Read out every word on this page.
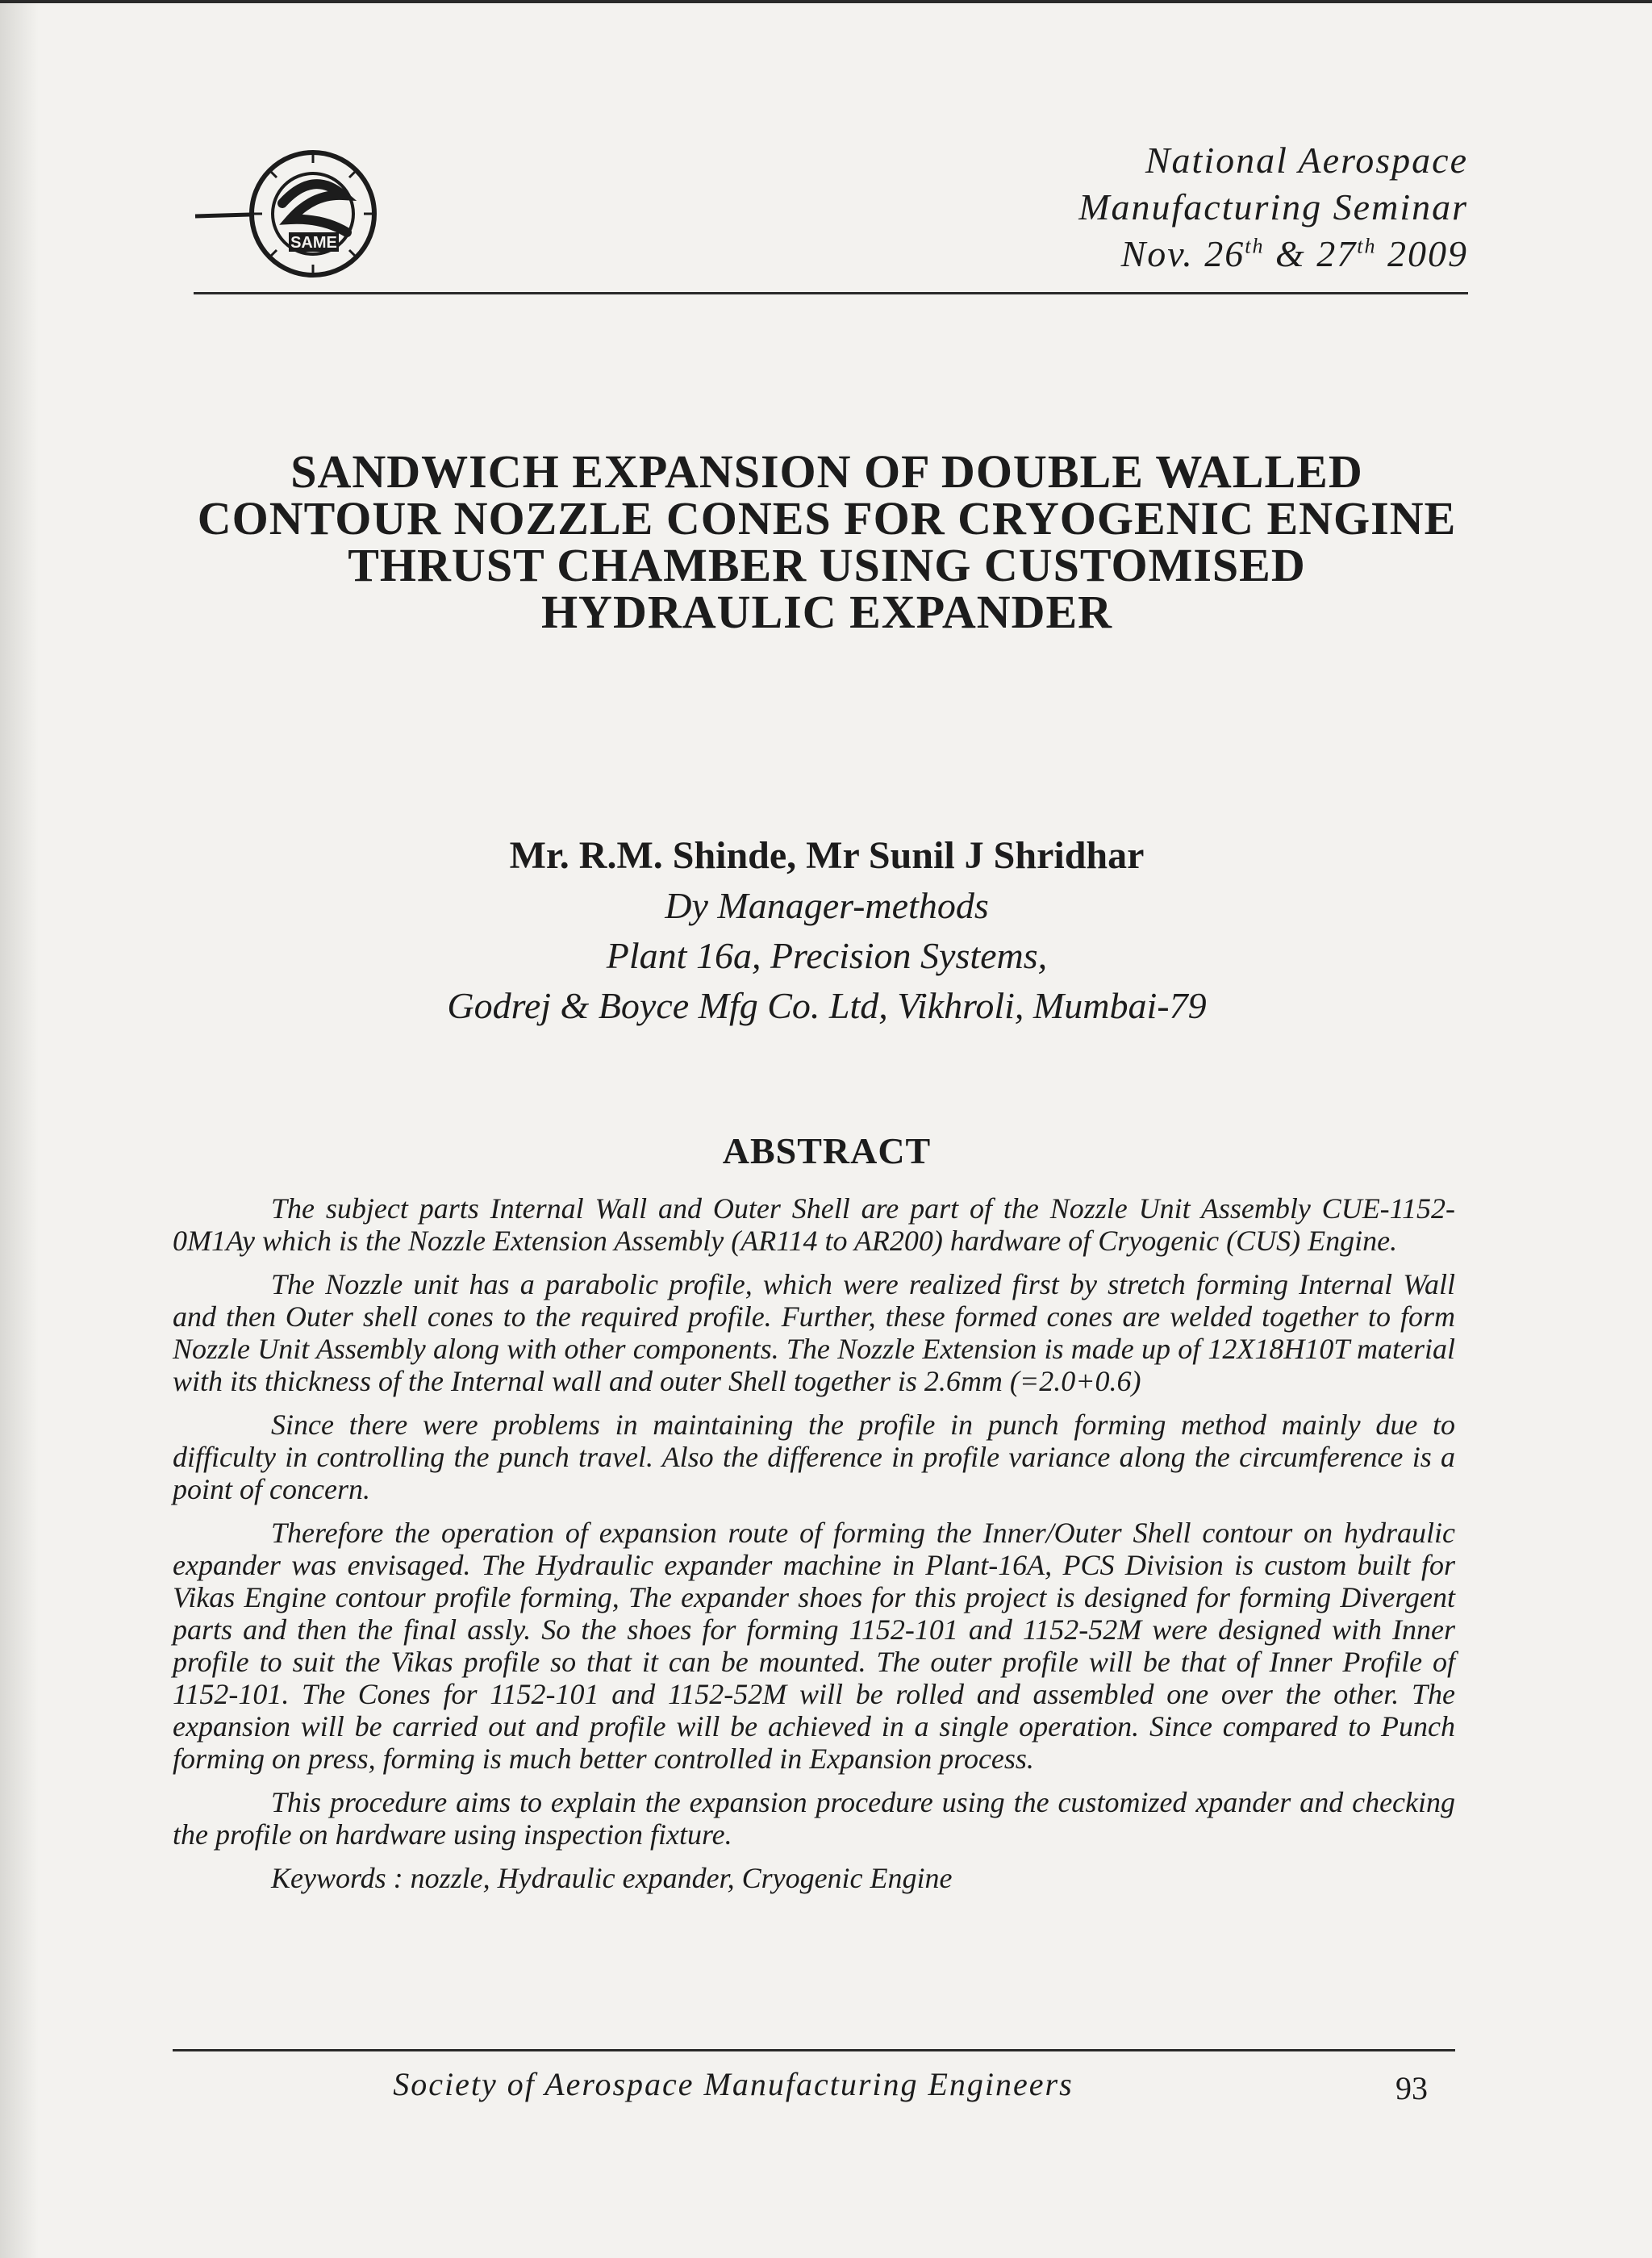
SAME
National Aerospace
Manufacturing Seminar
Nov. 26th & 27th 2009
SANDWICH EXPANSION OF DOUBLE WALLED
CONTOUR NOZZLE CONES FOR CRYOGENIC ENGINE
THRUST CHAMBER USING CUSTOMISED
HYDRAULIC EXPANDER
Mr. R.M. Shinde, Mr Sunil J Shridhar
Dy Manager-methods
Plant 16a, Precision Systems,
Godrej & Boyce Mfg Co. Ltd, Vikhroli, Mumbai-79
ABSTRACT

The subject parts Internal Wall and Outer Shell are part of the Nozzle Unit Assembly CUE-1152-0M1Ay which is the Nozzle Extension Assembly (AR114 to AR200) hardware of Cryogenic (CUS) Engine.

The Nozzle unit has a parabolic profile, which were realized first by stretch forming Internal Wall and then Outer shell cones to the required profile. Further, these formed cones are welded together to form Nozzle Unit Assembly along with other components. The Nozzle Extension is made up of 12X18H10T material with its thickness of the Internal wall and outer Shell together is 2.6mm (=2.0+0.6)

Since there were problems in maintaining the profile in punch forming method mainly due to difficulty in controlling the punch travel. Also the difference in profile variance along the circumference is a point of concern.

Therefore the operation of expansion route of forming the Inner/Outer Shell contour on hydraulic expander was envisaged. The Hydraulic expander machine in Plant-16A, PCS Division is custom built for Vikas Engine contour profile forming, The expander shoes for this project is designed for forming Divergent parts and then the final assly. So the shoes for forming 1152-101 and 1152-52M were designed with Inner profile to suit the Vikas profile so that it can be mounted. The outer profile will be that of Inner Profile of 1152-101. The Cones for 1152-101 and 1152-52M will be rolled and assembled one over the other. The expansion will be carried out and profile will be achieved in a single operation. Since compared to Punch forming on press, forming is much better controlled in Expansion process.

This procedure aims to explain the expansion procedure using the customized xpander and checking the profile on hardware using inspection fixture.

Keywords : nozzle, Hydraulic expander, Cryogenic Engine

Society of Aerospace Manufacturing Engineers	93
